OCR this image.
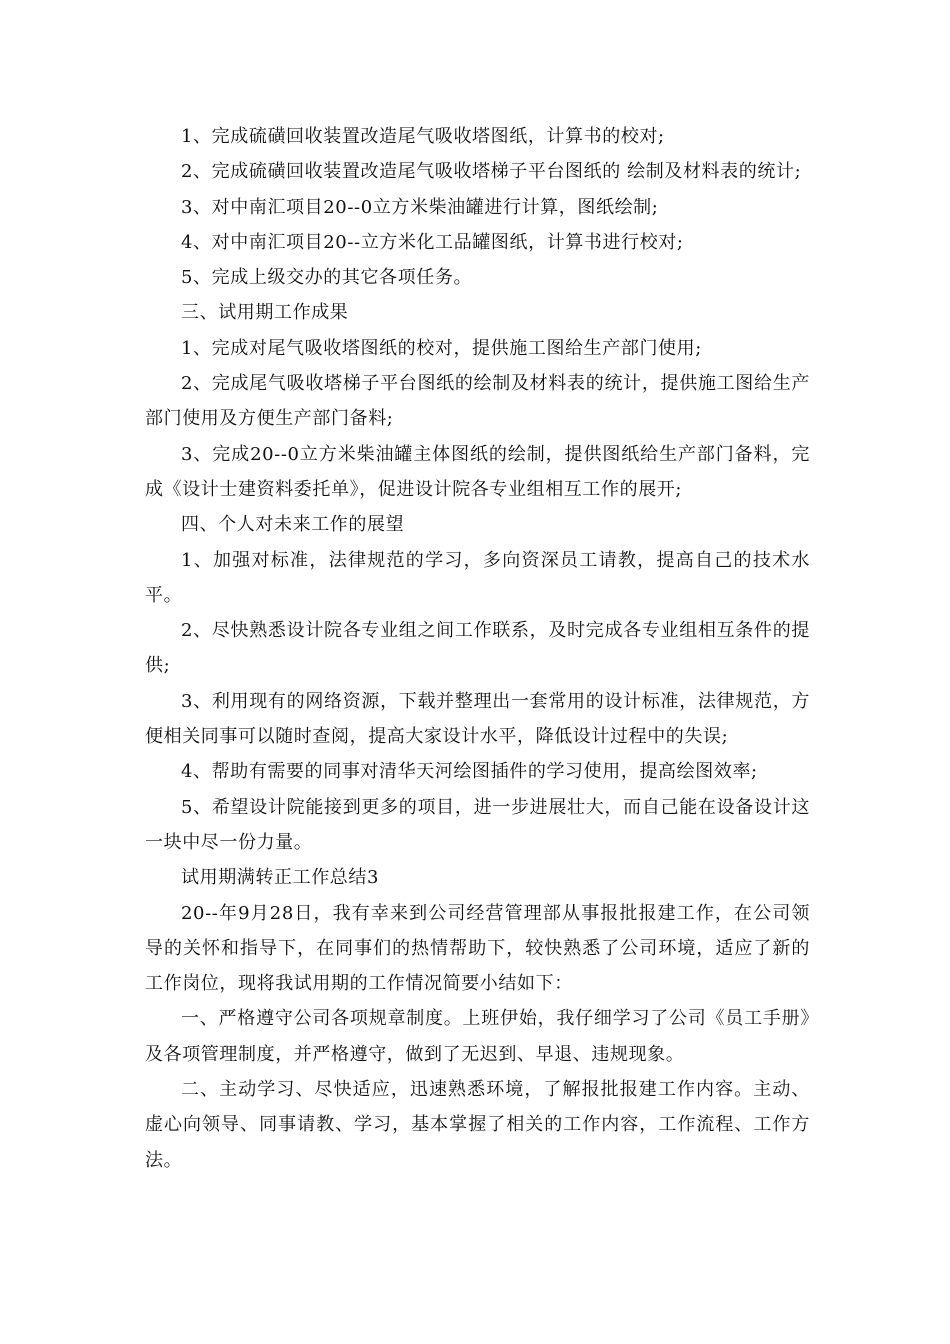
1、完成硫磺回收装置改造尾气吸收塔图纸，计算书的校对;

2、完成硫磺回收装置改造尾气吸收塔梯子平台图纸的 绘制及材料表的统计;

3、对中南汇项目20--0立方米柴油罐进行计算，图纸绘制;

4、对中南汇项目20--立方米化工品罐图纸，计算书进行校对;

5、完成上级交办的其它各项任务。

三、试用期工作成果

1、完成对尾气吸收塔图纸的校对，提供施工图给生产部门使用;

2、完成尾气吸收塔梯子平台图纸的绘制及材料表的统计，提供施工图给生产部门使用及方便生产部门备料;

3、完成20--0立方米柴油罐主体图纸的绘制，提供图纸给生产部门备料，完成《设计士建资料委托单》，促进设计院各专业组相互工作的展开;

四、个人对未来工作的展望

1、加强对标准，法律规范的学习，多向资深员工请教，提高自己的技术水平。

2、尽快熟悉设计院各专业组之间工作联系，及时完成各专业组相互条件的提供;

3、利用现有的网络资源，下载并整理出一套常用的设计标准，法律规范，方便相关同事可以随时查阅，提高大家设计水平，降低设计过程中的失误;

4、帮助有需要的同事对清华天河绘图插件的学习使用，提高绘图效率;

5、希望设计院能接到更多的项目，进一步进展壮大，而自己能在设备设计这一块中尽一份力量。

试用期满转正工作总结3

20--年9月28日，我有幸来到公司经营管理部从事报批报建工作，在公司领导的关怀和指导下，在同事们的热情帮助下，较快熟悉了公司环境，适应了新的工作岗位，现将我试用期的工作情况简要小结如下：

一、严格遵守公司各项规章制度。上班伊始，我仔细学习了公司《员工手册》及各项管理制度，并严格遵守，做到了无迟到、早退、违规现象。

二、主动学习、尽快适应，迅速熟悉环境，了解报批报建工作内容。主动、虚心向领导、同事请教、学习，基本掌握了相关的工作内容，工作流程、工作方法。
